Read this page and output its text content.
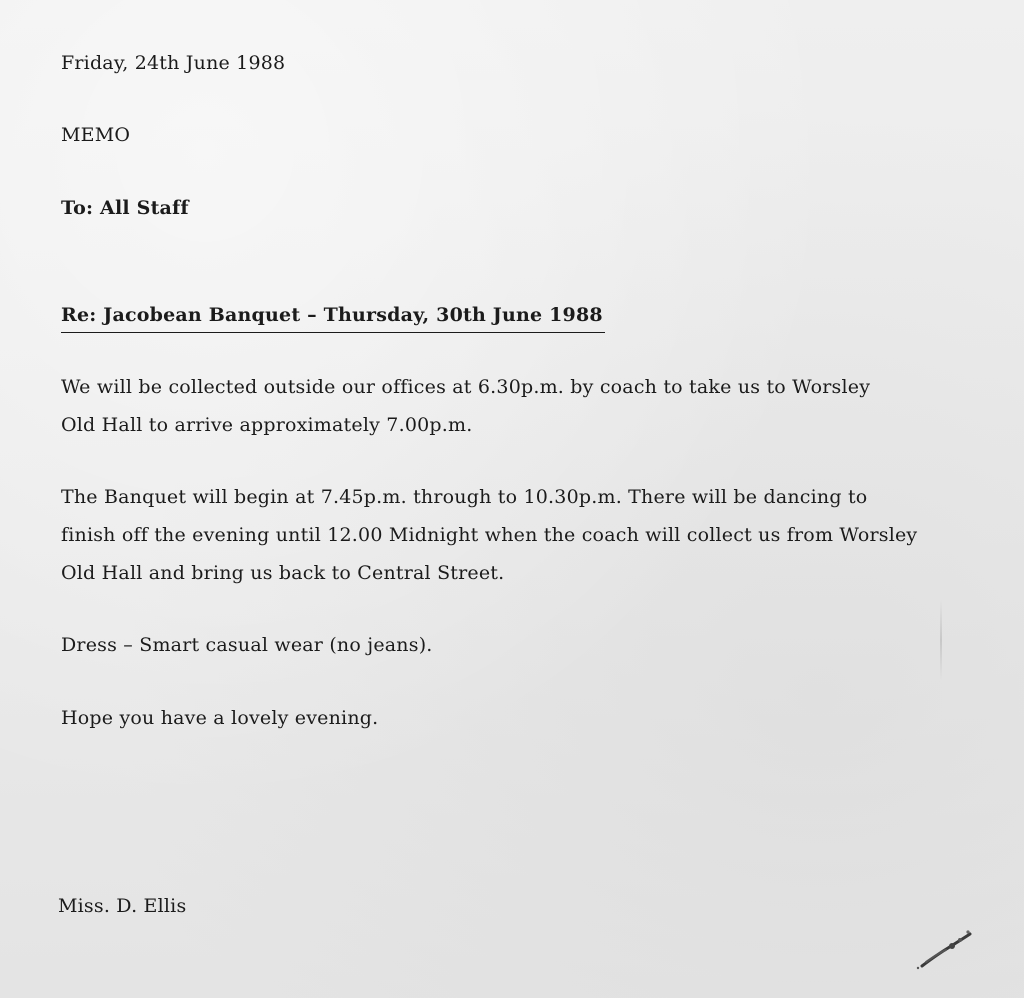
Friday, 24th June 1988
MEMO
To: All Staff
Re: Jacobean Banquet – Thursday, 30th June 1988
We will be collected outside our offices at 6.30p.m. by coach to take us to Worsley
Old Hall to arrive approximately 7.00p.m.
The Banquet will begin at 7.45p.m. through to 10.30p.m. There will be dancing to
finish off the evening until 12.00 Midnight when the coach will collect us from Worsley
Old Hall and bring us back to Central Street.
Dress – Smart casual wear (no jeans).
Hope you have a lovely evening.
Miss. D. Ellis
